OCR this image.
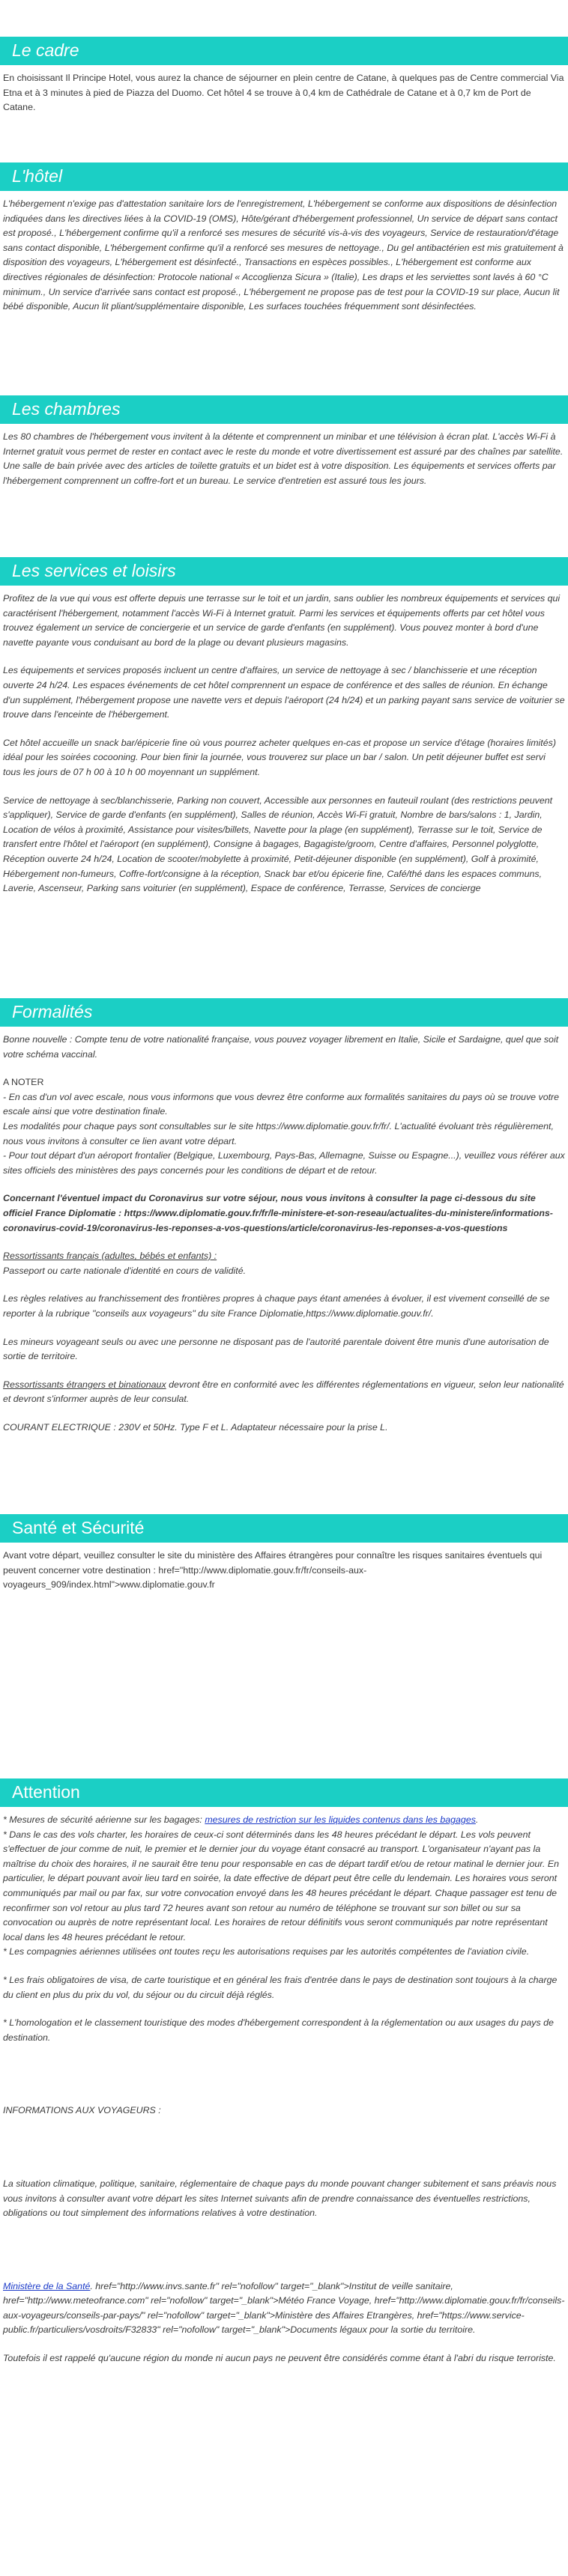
Le cadre

En choisissant Il Principe Hotel, vous aurez la chance de séjourner en plein centre de Catane, à quelques pas de Centre commercial Via Etna et à 3 minutes à pied de Piazza del Duomo. Cet hôtel 4 se trouve à 0,4 km de Cathédrale de Catane et à 0,7 km de Port de Catane.

L'hôtel

L'hébergement n'exige pas d'attestation sanitaire lors de l'enregistrement, L'hébergement se conforme aux dispositions de désinfection indiquées dans les directives liées à la COVID-19 (OMS), Hôte/gérant d'hébergement professionnel, Un service de départ sans contact est proposé., L'hébergement confirme qu'il a renforcé ses mesures de sécurité vis-à-vis des voyageurs, Service de restauration/d'étage sans contact disponible, L'hébergement confirme qu'il a renforcé ses mesures de nettoyage., Du gel antibactérien est mis gratuitement à disposition des voyageurs, L'hébergement est désinfecté., Transactions en espèces possibles., L'hébergement est conforme aux directives régionales de désinfection: Protocole national « Accoglienza Sicura » (Italie), Les draps et les serviettes sont lavés à 60 °C minimum., Un service d'arrivée sans contact est proposé., L'hébergement ne propose pas de test pour la COVID-19 sur place, Aucun lit bébé disponible, Aucun lit pliant/supplémentaire disponible, Les surfaces touchées fréquemment sont désinfectées.

Les chambres

Les 80 chambres de l'hébergement vous invitent à la détente et comprennent un minibar et une télévision à écran plat. L'accès Wi-Fi à Internet gratuit vous permet de rester en contact avec le reste du monde et votre divertissement est assuré par des chaînes par satellite. Une salle de bain privée avec des articles de toilette gratuits et un bidet est à votre disposition. Les équipements et services offerts par l'hébergement comprennent un coffre-fort et un bureau. Le service d'entretien est assuré tous les jours.

Les services et loisirs

Profitez de la vue qui vous est offerte depuis une terrasse sur le toit et un jardin, sans oublier les nombreux équipements et services qui caractérisent l'hébergement, notamment l'accès Wi-Fi à Internet gratuit. Parmi les services et équipements offerts par cet hôtel vous trouvez également un service de conciergerie et un service de garde d'enfants (en supplément). Vous pouvez monter à bord d'une navette payante vous conduisant au bord de la plage ou devant plusieurs magasins.

Les équipements et services proposés incluent un centre d'affaires, un service de nettoyage à sec / blanchisserie et une réception ouverte 24 h/24. Les espaces événements de cet hôtel comprennent un espace de conférence et des salles de réunion. En échange d'un supplément, l'hébergement propose une navette vers et depuis l'aéroport (24 h/24) et un parking payant sans service de voiturier se trouve dans l'enceinte de l'hébergement.

Cet hôtel accueille un snack bar/épicerie fine où vous pourrez acheter quelques en-cas et propose un service d'étage (horaires limités) idéal pour les soirées cocooning. Pour bien finir la journée, vous trouverez sur place un bar / salon. Un petit déjeuner buffet est servi tous les jours de 07 h 00 à 10 h 00 moyennant un supplément.

Service de nettoyage à sec/blanchisserie, Parking non couvert, Accessible aux personnes en fauteuil roulant (des restrictions peuvent s'appliquer), Service de garde d'enfants (en supplément), Salles de réunion, Accès Wi-Fi gratuit, Nombre de bars/salons : 1, Jardin, Location de vélos à proximité, Assistance pour visites/billets, Navette pour la plage (en supplément), Terrasse sur le toit, Service de transfert entre l'hôtel et l'aéroport (en supplément), Consigne à bagages, Bagagiste/groom, Centre d'affaires, Personnel polyglotte, Réception ouverte 24 h/24, Location de scooter/mobylette à proximité, Petit-déjeuner disponible (en supplément), Golf à proximité, Hébergement non-fumeurs, Coffre-fort/consigne à la réception, Snack bar et/ou épicerie fine, Café/thé dans les espaces communs, Laverie, Ascenseur, Parking sans voiturier (en supplément), Espace de conférence, Terrasse, Services de concierge

Formalités

Bonne nouvelle : Compte tenu de votre nationalité française, vous pouvez voyager librement en Italie, Sicile et Sardaigne, quel que soit votre schéma vaccinal.

A NOTER

- En cas d'un vol avec escale, nous vous informons que vous devrez être conforme aux formalités sanitaires du pays où se trouve votre escale ainsi que votre destination finale.
Les modalités pour chaque pays sont consultables sur le site https://www.diplomatie.gouv.fr/fr/. L'actualité évoluant très régulièrement, nous vous invitons à consulter ce lien avant votre départ.

- Pour tout départ d'un aéroport frontalier (Belgique, Luxembourg, Pays-Bas, Allemagne, Suisse ou Espagne...), veuillez vous référer aux sites officiels des ministères des pays concernés pour les conditions de départ et de retour.

Concernant l'éventuel impact du Coronavirus sur votre séjour, nous vous invitons à consulter la page ci-dessous du site officiel France Diplomatie : https://www.diplomatie.gouv.fr/fr/le-ministere-et-son-reseau/actualites-du-ministere/informations-coronavirus-covid-19/coronavirus-les-reponses-a-vos-questions/article/coronavirus-les-reponses-a-vos-questions

Ressortissants français (adultes, bébés et enfants) :

Passeport ou carte nationale d'identité en cours de validité.

Les règles relatives au franchissement des frontières propres à chaque pays étant amenées à évoluer, il est vivement conseillé de se reporter à la rubrique "conseils aux voyageurs" du site France Diplomatie,https://www.diplomatie.gouv.fr/.

Les mineurs voyageant seuls ou avec une personne ne disposant pas de l'autorité parentale doivent être munis d'une autorisation de sortie de territoire.

Ressortissants étrangers et binationaux devront être en conformité avec les différentes réglementations en vigueur, selon leur nationalité et devront s'informer auprès de leur consulat.

COURANT ELECTRIQUE : 230V et 50Hz. Type F et L. Adaptateur nécessaire pour la prise L.

Santé et Sécurité

Avant votre départ, veuillez consulter le site du ministère des Affaires étrangères pour connaître les risques sanitaires éventuels qui peuvent concerner votre destination : href="http://www.diplomatie.gouv.fr/fr/conseils-aux-voyageurs_909/index.html">www.diplomatie.gouv.fr

Attention
* Mesures de sécurité aérienne sur les bagages: mesures de restriction sur les liquides contenus dans les bagages.
* Dans le cas des vols charter, les horaires de ceux-ci sont déterminés dans les 48 heures précédant le départ. Les vols peuvent s'effectuer de jour comme de nuit, le premier et le dernier jour du voyage étant consacré au transport. L'organisateur n'ayant pas la maîtrise du choix des horaires, il ne saurait être tenu pour responsable en cas de départ tardif et/ou de retour matinal le dernier jour. En particulier, le départ pouvant avoir lieu tard en soirée, la date effective de départ peut être celle du lendemain. Les horaires vous seront communiqués par mail ou par fax, sur votre convocation envoyé dans les 48 heures précédant le départ. Chaque passager est tenu de reconfirmer son vol retour au plus tard 72 heures avant son retour au numéro de téléphone se trouvant sur son billet ou sur sa convocation ou auprès de notre représentant local. Les horaires de retour définitifs vous seront communiqués par notre représentant local dans les 48 heures précédant le retour.

* Les compagnies aériennes utilisées ont toutes reçu les autorisations requises par les autorités compétentes de l'aviation civile.

* Les frais obligatoires de visa, de carte touristique et en général les frais d'entrée dans le pays de destination sont toujours à la charge du client en plus du prix du vol, du séjour ou du circuit déjà réglés.

* L'homologation et le classement touristique des modes d'hébergement correspondent à la réglementation ou aux usages du pays de destination.

INFORMATIONS AUX VOYAGEURS :

La situation climatique, politique, sanitaire, réglementaire de chaque pays du monde pouvant changer subitement et sans préavis nous vous invitons à consulter avant votre départ les sites Internet suivants afin de prendre connaissance des éventuelles restrictions, obligations ou tout simplement des informations relatives à votre destination.

Ministère de la Santé. href="http://www.invs.sante.fr" rel="nofollow" target="_blank">Institut de veille sanitaire, href="http://www.meteofrance.com" rel="nofollow" target="_blank">Météo France Voyage, href="http://www.diplomatie.gouv.fr/fr/conseils-aux-voyageurs/conseils-par-pays/" rel="nofollow" target="_blank">Ministère des Affaires Etrangères, href="https://www.service-public.fr/particuliers/vosdroits/F32833" rel="nofollow" target="_blank">Documents légaux pour la sortie du territoire.

Toutefois il est rappelé qu'aucune région du monde ni aucun pays ne peuvent être considérés comme étant à l'abri du risque terroriste.
